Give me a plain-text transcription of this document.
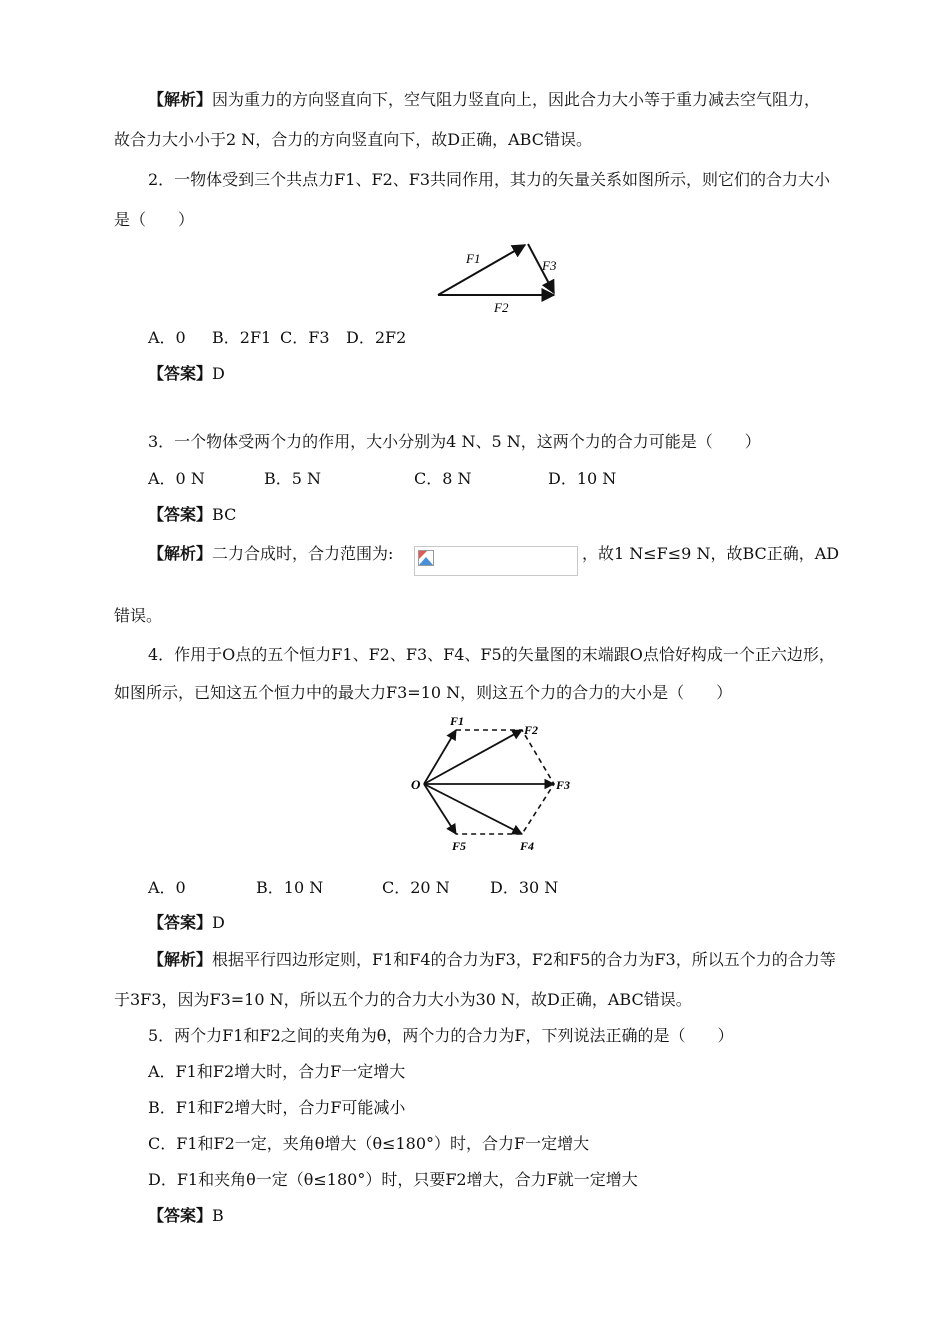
【解析】因为重力的方向竖直向下，空气阻力竖直向上，因此合力大小等于重力减去空气阻力，
故合力大小小于2 N，合力的方向竖直向下，故D正确，ABC错误。
2．一物体受到三个共点力F1、F2、F3共同作用，其力的矢量关系如图所示，则它们的合力大小
是（　　）
F1	F3
F2
A．0 B．2F1 C．F3 D．2F2
【答案】D
3．一个物体受两个力的作用，大小分别为4 N、5 N，这两个力的合力可能是（　　）
A．0 N	B．5 N	C．8 N	D．10 N
【答案】BC
【解析】二力合成时，合力范围为:	，故1 N≤F≤9 N，故BC正确，AD
错误。
4．作用于O点的五个恒力F1、F2、F3、F4、F5的矢量图的末端跟O点恰好构成一个正六边形，
如图所示，已知这五个恒力中的最大力F3=10 N，则这五个力的合力的大小是（　　）
O
F1
F2
F3
F4
F5
A．0	B．10 N	C．20 N	D．30 N
【答案】D
【解析】根据平行四边形定则，F1和F4的合力为F3，F2和F5的合力为F3，所以五个力的合力等
于3F3，因为F3=10 N，所以五个力的合力大小为30 N，故D正确，ABC错误。
5．两个力F1和F2之间的夹角为θ，两个力的合力为F，下列说法正确的是（　　）
A．F1和F2增大时，合力F一定增大
B．F1和F2增大时，合力F可能减小
C．F1和F2一定，夹角θ增大（θ≤180°）时，合力F一定增大
D．F1和夹角θ一定（θ≤180°）时，只要F2增大，合力F就一定增大
【答案】B
